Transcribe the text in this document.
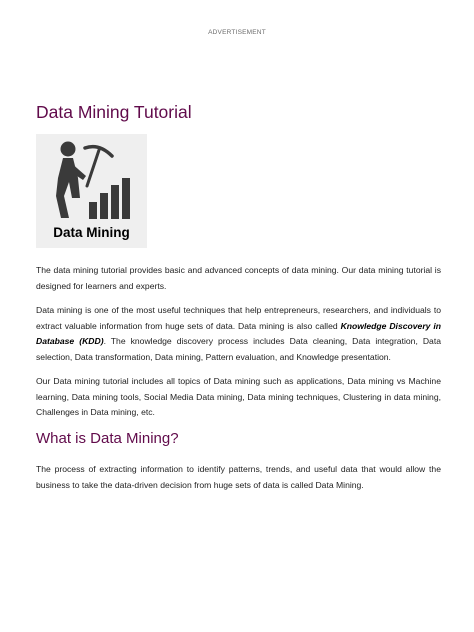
ADVERTISEMENT
Data Mining Tutorial
Data Mining

The data mining tutorial provides basic and advanced concepts of data mining. Our data mining tutorial is designed for learners and experts.

Data mining is one of the most useful techniques that help entrepreneurs, researchers, and individuals to extract valuable information from huge sets of data. Data mining is also called Knowledge Discovery in Database (KDD). The knowledge discovery process includes Data cleaning, Data integration, Data selection, Data transformation, Data mining, Pattern evaluation, and Knowledge presentation.

Our Data mining tutorial includes all topics of Data mining such as applications, Data mining vs Machine learning, Data mining tools, Social Media Data mining, Data mining techniques, Clustering in data mining, Challenges in Data mining, etc.

What is Data Mining?

The process of extracting information to identify patterns, trends, and useful data that would allow the business to take the data-driven decision from huge sets of data is called Data Mining.
